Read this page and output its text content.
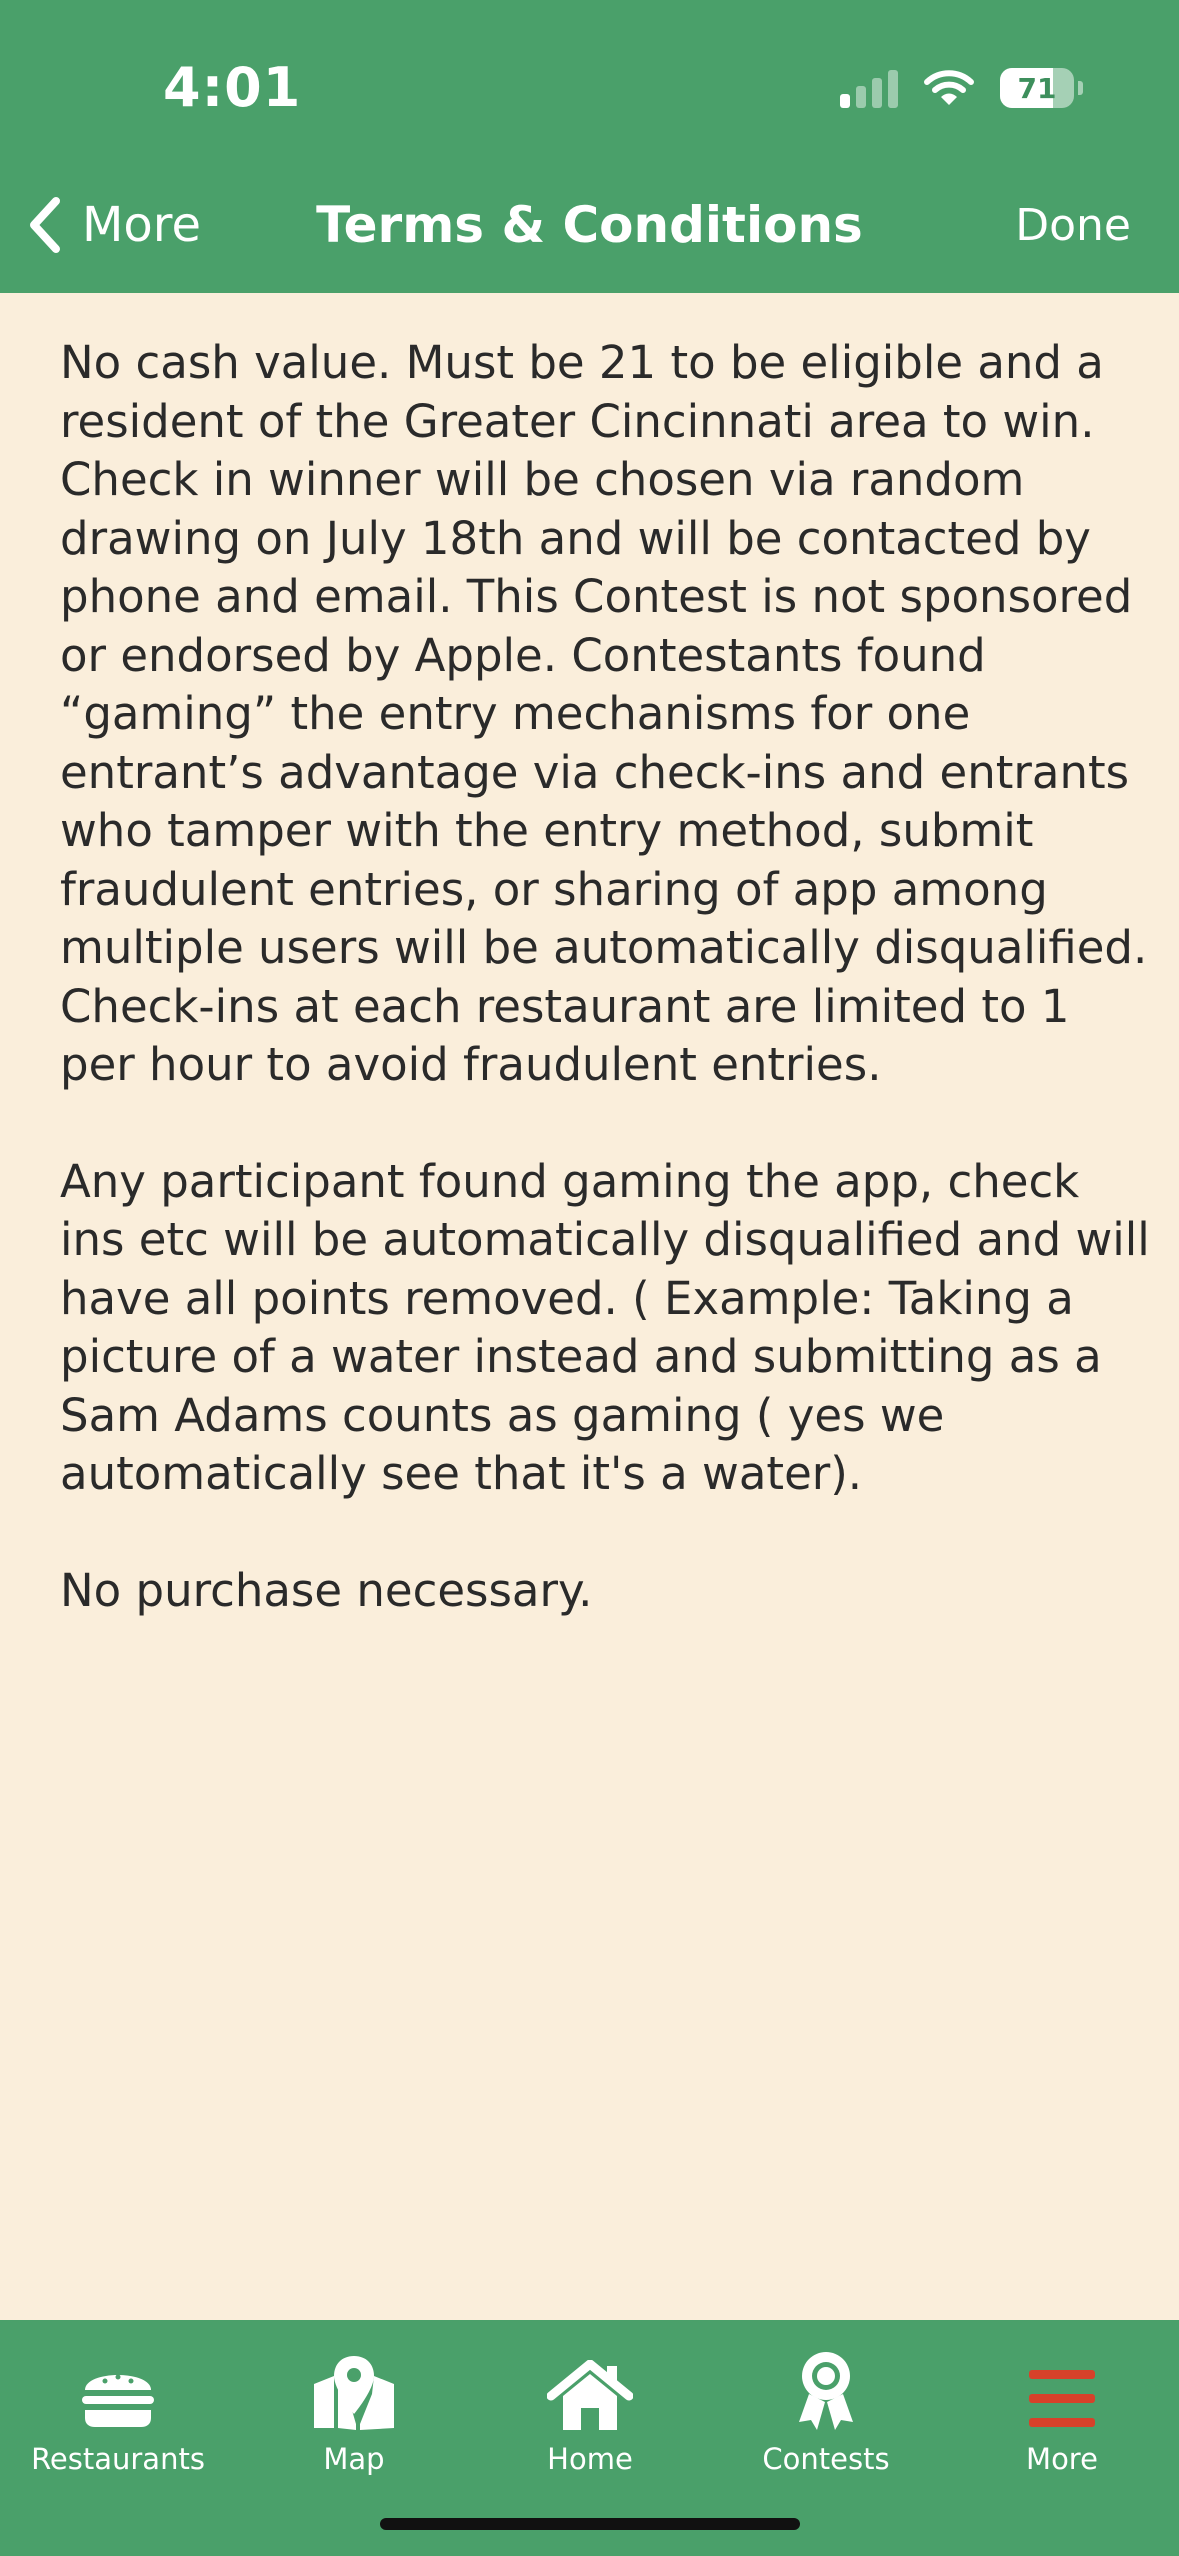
4:01	71
More	Terms & Conditions	Done

No cash value. Must be 21 to be eligible and a resident of the Greater Cincinnati area to win. Check in winner will be chosen via random drawing on July 18th and will be contacted by phone and email. This Contest is not sponsored or endorsed by Apple. Contestants found “gaming” the entry mechanisms for one entrant’s advantage via check-ins and entrants who tamper with the entry method, submit fraudulent entries, or sharing of app among multiple users will be automatically disqualified. Check-ins at each restaurant are limited to 1 per hour to avoid fraudulent entries.

Any participant found gaming the app, check ins etc will be automatically disqualified and will have all points removed. ( Example: Taking a picture of a water instead and submitting as a Sam Adams counts as gaming ( yes we automatically see that it's a water).

No purchase necessary.

Restaurants	Map	Home	Contests	More
